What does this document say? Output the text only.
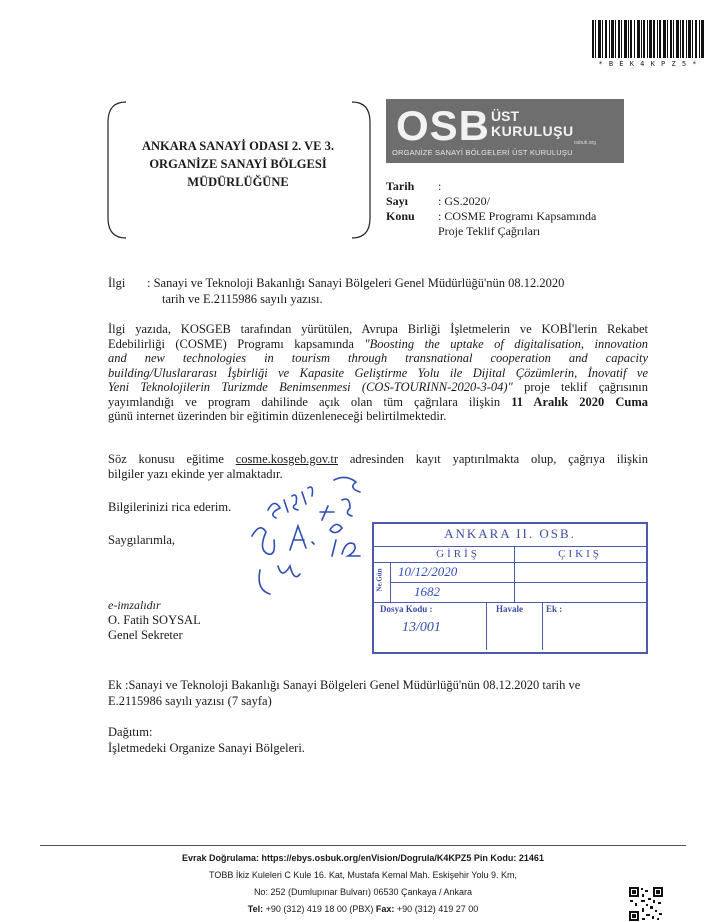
* B E K 4 K P Z 5 *
ANKARA SANAYİ ODASI 2. VE 3.
ORGANİZE SANAYİ BÖLGESİ
MÜDÜRLÜĞÜNE
OSB ÜST
KURULUŞU
osbuk.org
ORGANİZE SANAYİ BÖLGELERİ ÜST KURULUŞU
Tarih :
Sayı : GS.2020/
Konu : COSME Programı Kapsamında
Proje Teklif Çağrıları
İlgi : Sanayi ve Teknoloji Bakanlığı Sanayi Bölgeleri Genel Müdürlüğü'nün 08.12.2020
tarih ve E.2115986 sayılı yazısı.
İlgi yazıda, KOSGEB tarafından yürütülen, Avrupa Birliği İşletmelerin ve KOBİ'lerin Rekabet
Edebilirliği (COSME) Programı kapsamında "Boosting the uptake of digitalisation, innovation
and new technologies in tourism through transnational cooperation and capacity
building/Uluslararası İşbirliği ve Kapasite Geliştirme Yolu ile Dijital Çözümlerin, İnovatif ve
Yeni Teknolojilerin Turizmde Benimsenmesi (COS-TOURINN-2020-3-04)" proje teklif çağrısının
yayımlandığı ve program dahilinde açık olan tüm çağrılara ilişkin 11 Aralık 2020 Cuma
günü internet üzerinden bir eğitimin düzenleneceği belirtilmektedir.
Söz konusu eğitime cosme.kosgeb.gov.tr adresinden kayıt yaptırılmakta olup, çağrıya ilişkin
bilgiler yazı ekinde yer almaktadır.
Bilgilerinizi rica ederim.
Saygılarımla,
e-imzalıdır
O. Fatih SOYSAL
Genel Sekreter
ANKARA II. OSB.
GİRİŞ	ÇIKIŞ
Ne.Gün 10/12/2020
1682
Dosya Kodu :
13/001
Havale	Ek :
Ek :Sanayi ve Teknoloji Bakanlığı Sanayi Bölgeleri Genel Müdürlüğü'nün 08.12.2020 tarih ve
E.2115986 sayılı yazısı (7 sayfa)
Dağıtım:
İşletmedeki Organize Sanayi Bölgeleri.
Evrak Doğrulama: https://ebys.osbuk.org/enVision/Dogrula/K4KPZ5 Pin Kodu: 21461
TOBB İkiz Kuleleri C Kule 16. Kat, Mustafa Kemal Mah. Eskişehir Yolu 9. Km,
No: 252 (Dumlupınar Bulvarı) 06530 Çankaya / Ankara
Tel: +90 (312) 419 18 00 (PBX) Fax: +90 (312) 419 27 00
